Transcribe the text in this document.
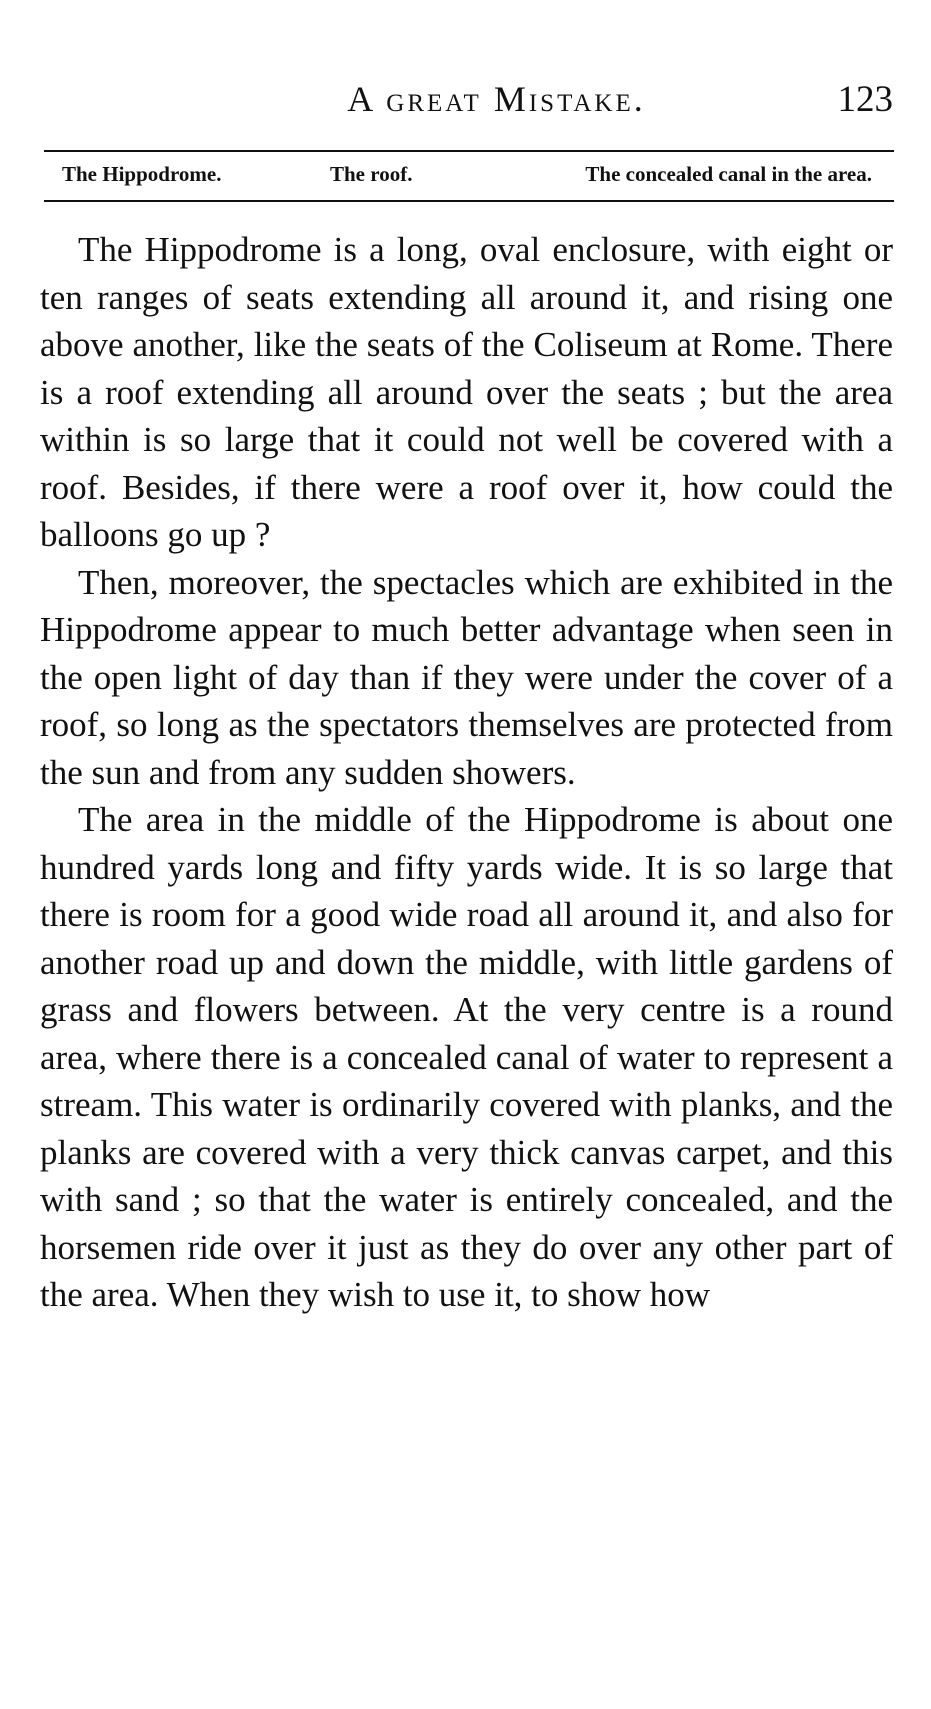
A great Mistake.	123
The Hippodrome.	The roof.	The concealed canal in the area.

The Hippodrome is a long, oval enclosure, with eight or ten ranges of seats extending all around it, and rising one above another, like the seats of the Coliseum at Rome. There is a roof extending all around over the seats ; but the area within is so large that it could not well be covered with a roof. Besides, if there were a roof over it, how could the balloons go up ?

Then, moreover, the spectacles which are exhibited in the Hippodrome appear to much better advantage when seen in the open light of day than if they were under the cover of a roof, so long as the spectators themselves are protected from the sun and from any sudden showers.

The area in the middle of the Hippodrome is about one hundred yards long and fifty yards wide. It is so large that there is room for a good wide road all around it, and also for another road up and down the middle, with little gardens of grass and flowers between. At the very centre is a round area, where there is a concealed canal of water to represent a stream. This water is ordinarily covered with planks, and the planks are covered with a very thick canvas carpet, and this with sand ; so that the water is entirely concealed, and the horsemen ride over it just as they do over any other part of the area. When they wish to use it, to show how
